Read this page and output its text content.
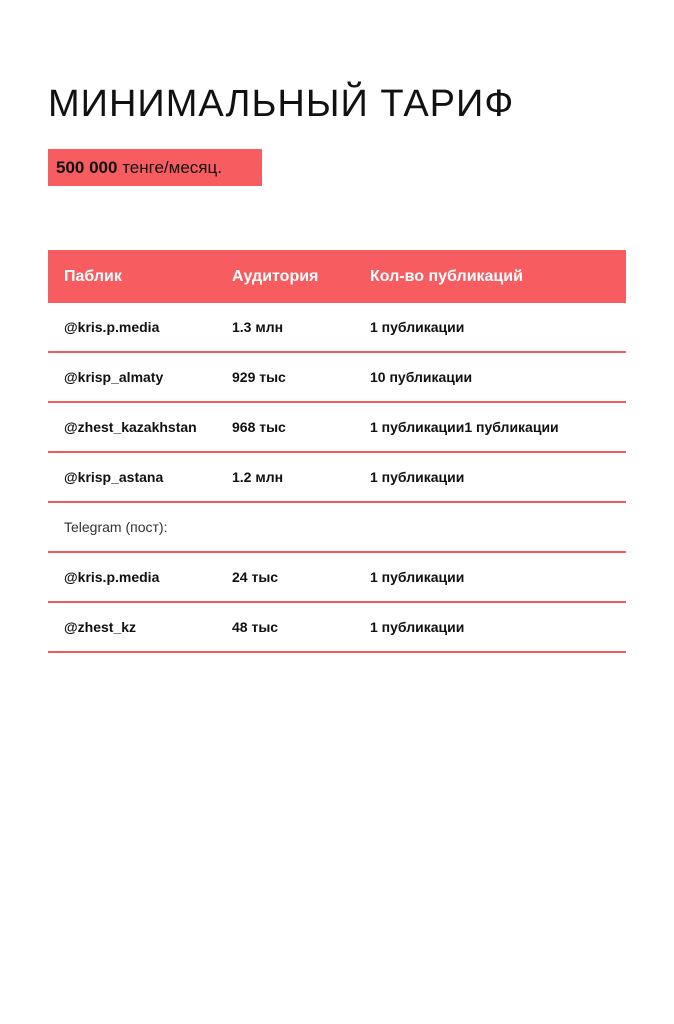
МИНИМАЛЬНЫЙ ТАРИФ
500 000
тенге/месяц.
Паблик	Аудитория	Кол-во публикаций
@kris.p.media	1.3 млн	1 публикации
@krisp_almaty	929 тыс	10 публикации
@zhest_kazakhstan	968 тыс	1 публикации1 публикации
@krisp_astana	1.2 млн	1 публикации
Telegram (пост):
@kris.p.media	24 тыс	1 публикации
@zhest_kz	48 тыс	1 публикации
